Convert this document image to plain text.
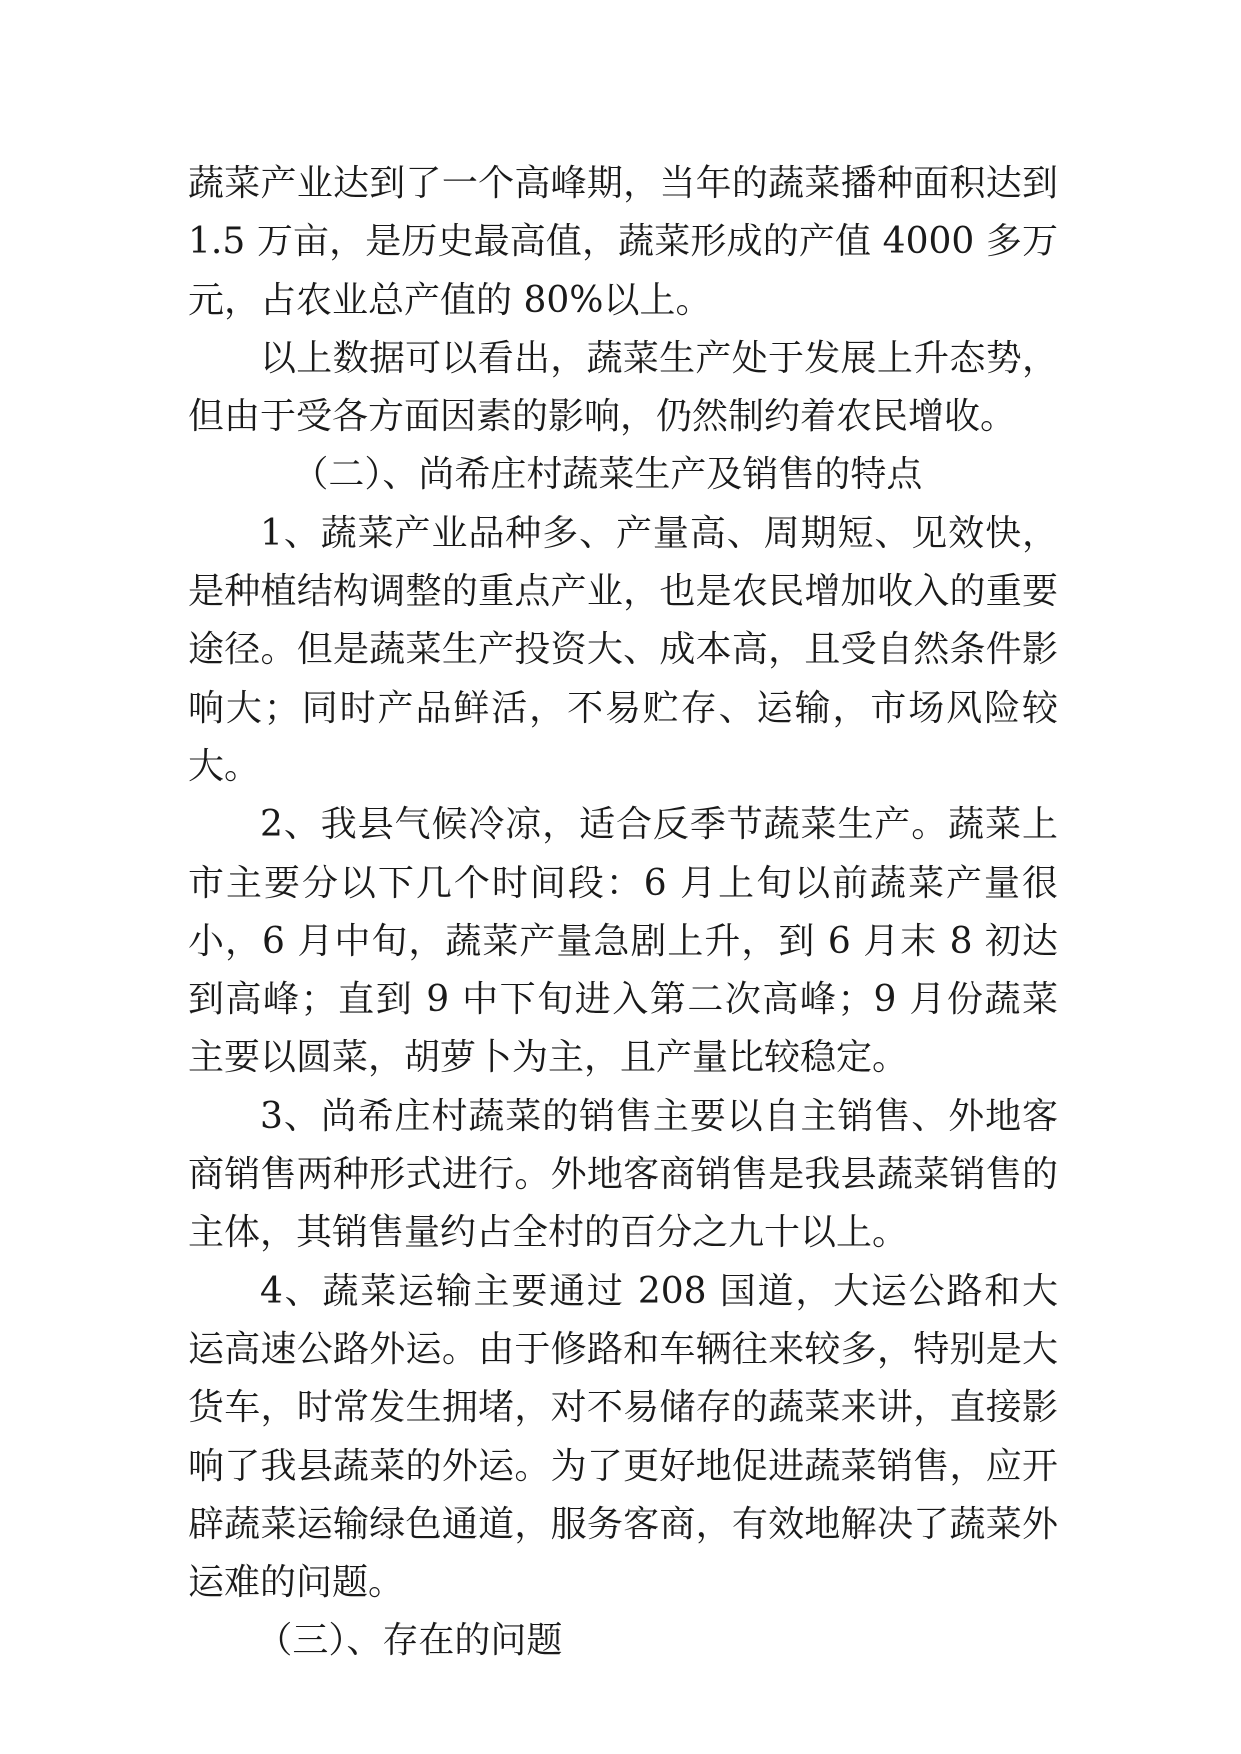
蔬菜产业达到了一个高峰期，当年的蔬菜播种面积达到 1.5 万亩，是历史最高值，蔬菜形成的产值 4000 多万元，占农业总产值的 80%以上。

以上数据可以看出，蔬菜生产处于发展上升态势，但由于受各方面因素的影响，仍然制约着农民增收。

（二）、尚希庄村蔬菜生产及销售的特点

1、蔬菜产业品种多、产量高、周期短、见效快，是种植结构调整的重点产业，也是农民增加收入的重要途径。但是蔬菜生产投资大、成本高，且受自然条件影响大；同时产品鲜活，不易贮存、运输，市场风险较大。

2、我县气候冷凉，适合反季节蔬菜生产。蔬菜上市主要分以下几个时间段：6 月上旬以前蔬菜产量很小，6 月中旬，蔬菜产量急剧上升，到 6 月末 8 初达到高峰；直到 9 中下旬进入第二次高峰；9 月份蔬菜主要以圆菜，胡萝卜为主，且产量比较稳定。

3、尚希庄村蔬菜的销售主要以自主销售、外地客商销售两种形式进行。外地客商销售是我县蔬菜销售的主体，其销售量约占全村的百分之九十以上。

4、蔬菜运输主要通过 208 国道，大运公路和大运高速公路外运。由于修路和车辆往来较多，特别是大货车，时常发生拥堵，对不易储存的蔬菜来讲，直接影响了我县蔬菜的外运。为了更好地促进蔬菜销售，应开辟蔬菜运输绿色通道，服务客商，有效地解决了蔬菜外运难的问题。

（三）、存在的问题
